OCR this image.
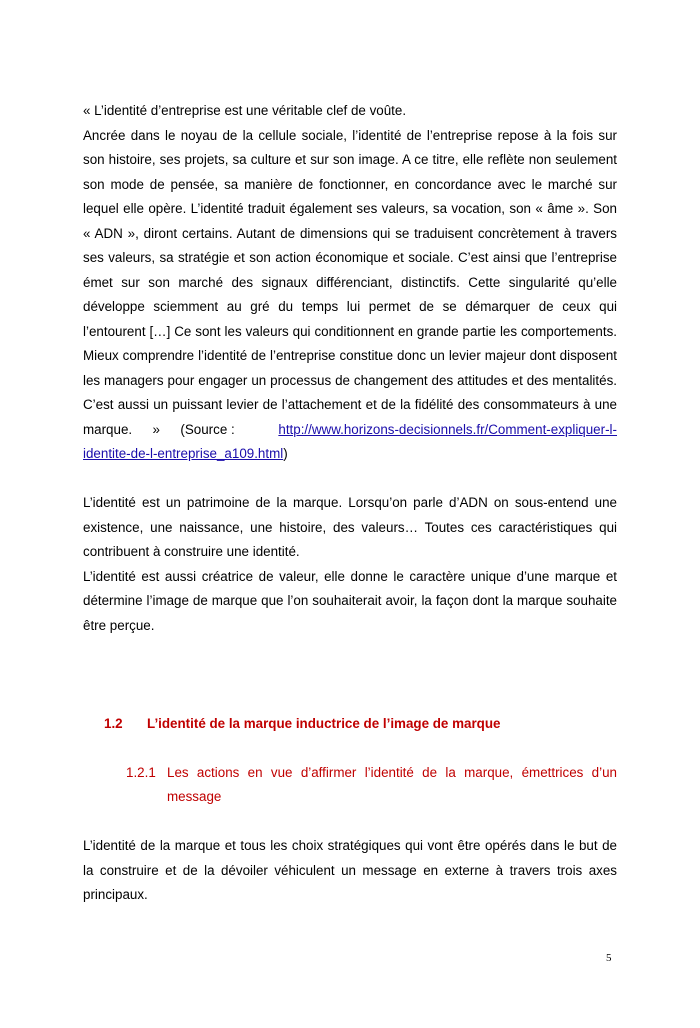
« L’identité d’entreprise est une véritable clef de voûte.

Ancrée dans le noyau de la cellule sociale, l’identité de l’entreprise repose à la fois sur son histoire, ses projets, sa culture et sur son image. A ce titre, elle reflète non seulement son mode de pensée, sa manière de fonctionner, en concordance avec le marché sur lequel elle opère. L’identité traduit également ses valeurs, sa vocation, son « âme ». Son « ADN », diront certains. Autant de dimensions qui se traduisent concrètement à travers ses valeurs, sa stratégie et son action économique et sociale. C’est ainsi que l’entreprise émet sur son marché des signaux différenciant, distinctifs. Cette singularité qu’elle développe sciemment au gré du temps lui permet de se démarquer de ceux qui l’entourent […] Ce sont les valeurs qui conditionnent en grande partie les comportements. Mieux comprendre l’identité de l’entreprise constitue donc un levier majeur dont disposent les managers pour engager un processus de changement des attitudes et des mentalités. C’est aussi un puissant levier de l’attachement et de la fidélité des consommateurs à une marque. » (Source :	http://www.horizons-decisionnels.fr/Comment-expliquer-l-identite-de-l-entreprise_a109.html)

L’identité est un patrimoine de la marque. Lorsqu’on parle d’ADN on sous-entend une existence, une naissance, une histoire, des valeurs… Toutes ces caractéristiques qui contribuent à construire une identité.

L’identité est aussi créatrice de valeur, elle donne le caractère unique d’une marque et détermine l’image de marque que l’on souhaiterait avoir, la façon dont la marque souhaite être perçue.

1.2	L’identité de la marque inductrice de l’image de marque
1.2.1 Les actions en vue d’affirmer l’identité de la marque, émettrices d’un message

L’identité de la marque et tous les choix stratégiques qui vont être opérés dans le but de la construire et de la dévoiler véhiculent un message en externe à travers trois axes principaux.

5
